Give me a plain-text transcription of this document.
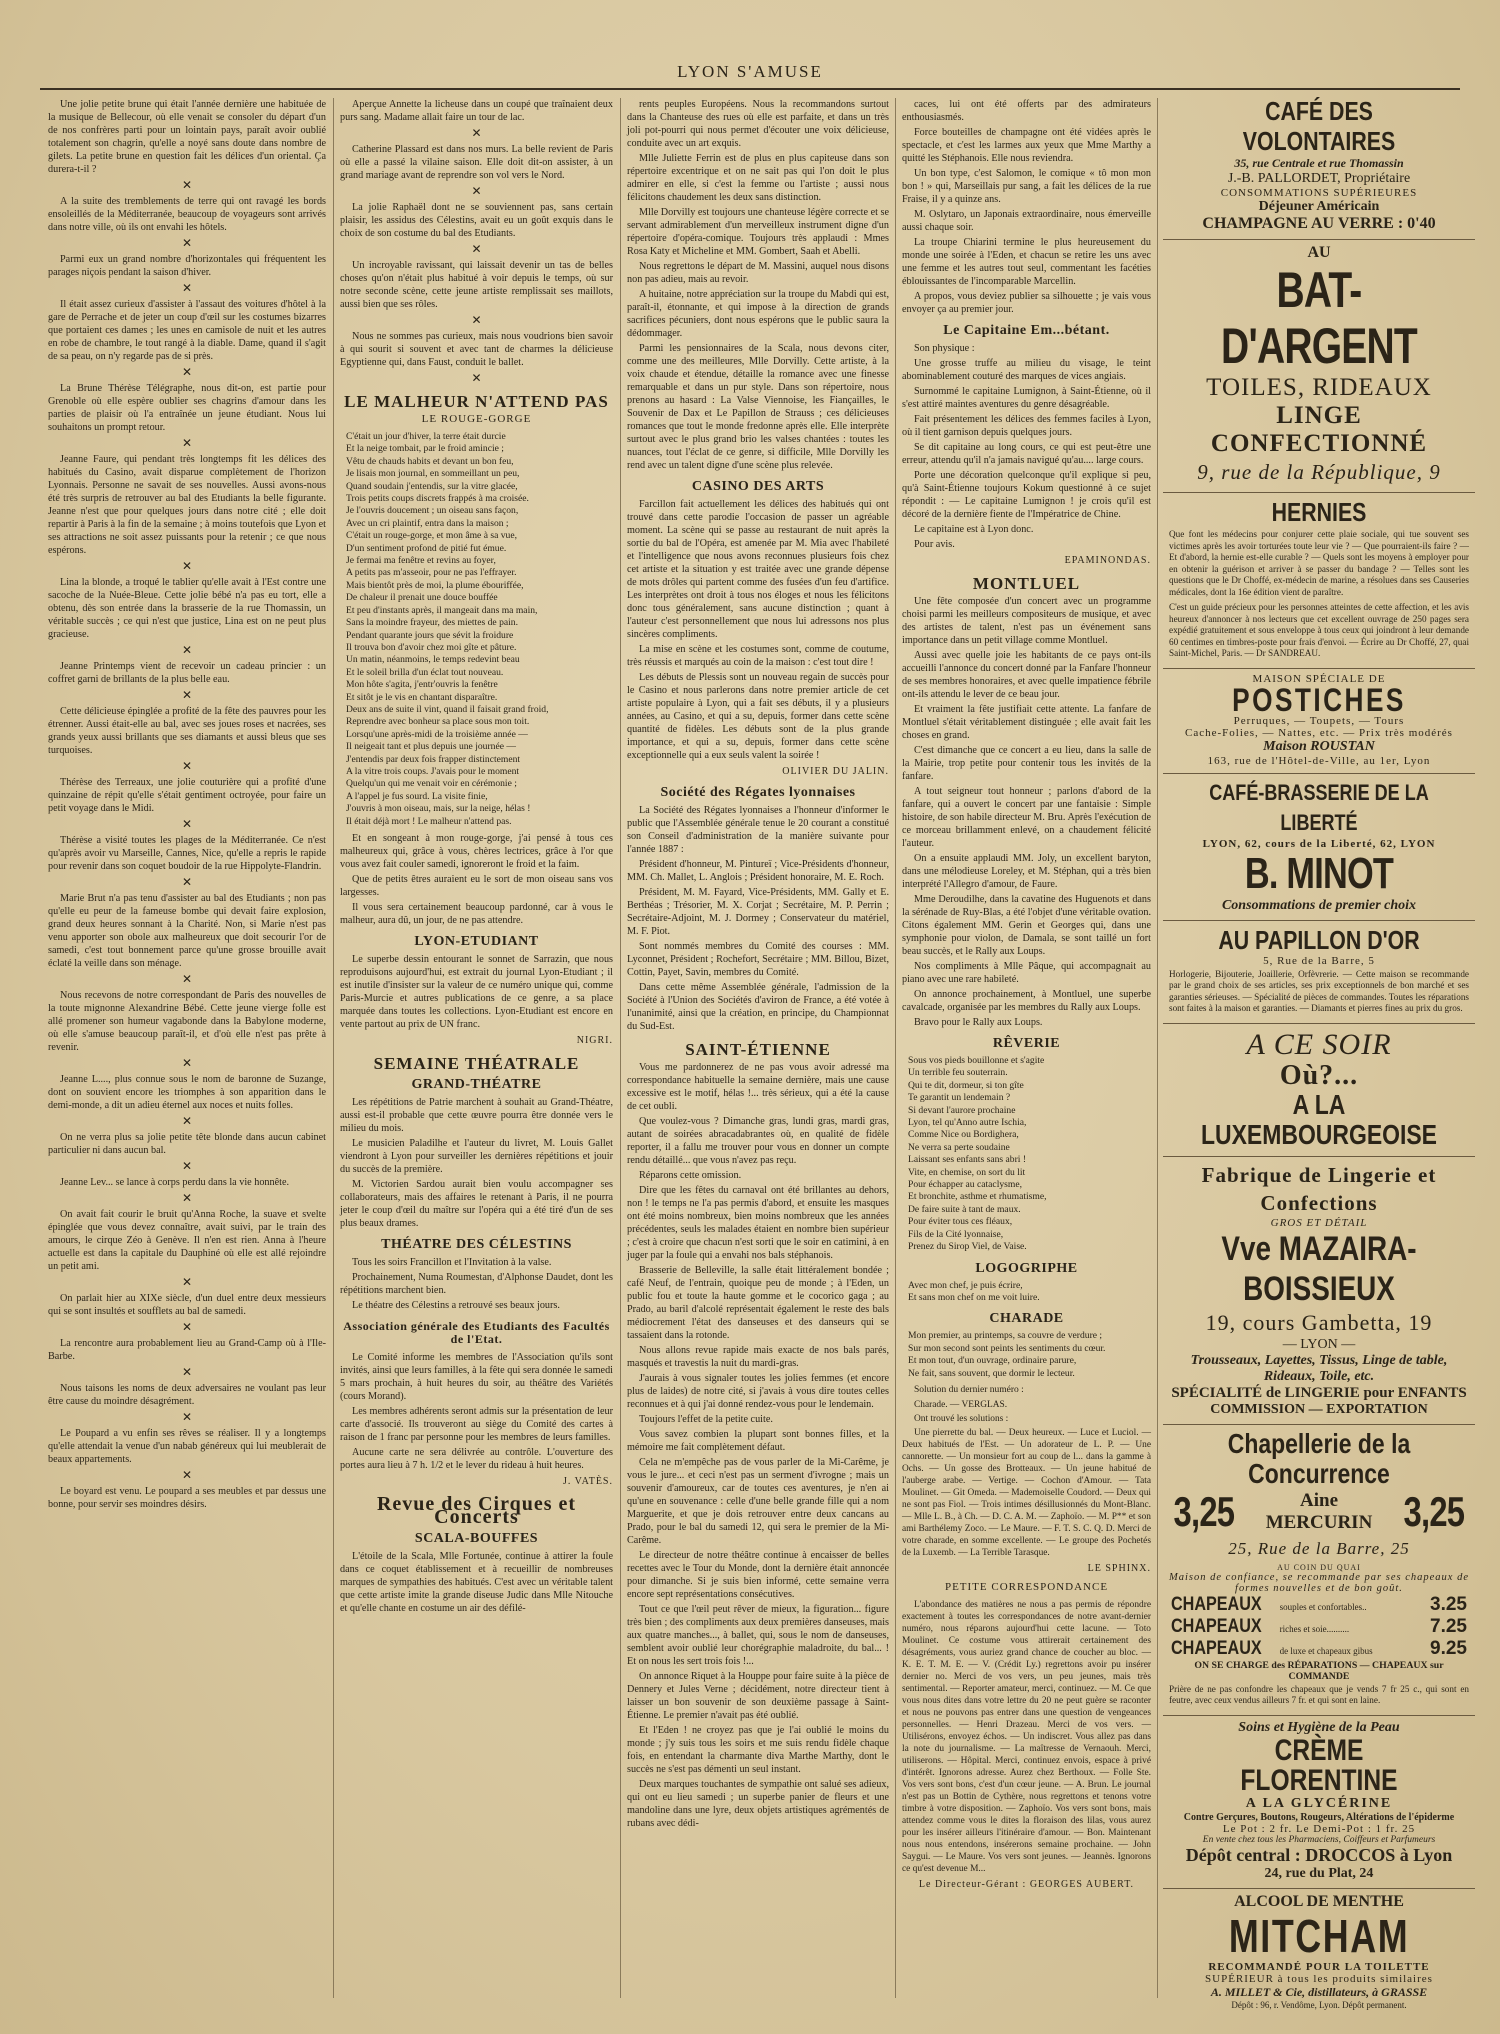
LYON S'AMUSE

Une jolie petite brune qui était l'année dernière une habituée de la musique de Bellecour, où elle venait se consoler du départ d'un de nos confrères parti pour un lointain pays, paraît avoir oublié totalement son chagrin, qu'elle a noyé sans doute dans nombre de gilets. La petite brune en question fait les délices d'un oriental. Ça durera-t-il ?

✕

A la suite des tremblements de terre qui ont ravagé les bords ensoleillés de la Méditerranée, beaucoup de voyageurs sont arrivés dans notre ville, où ils ont envahi les hôtels.

✕

Parmi eux un grand nombre d'horizontales qui fréquentent les parages niçois pendant la saison d'hiver.

✕

Il était assez curieux d'assister à l'assaut des voitures d'hôtel à la gare de Perrache et de jeter un coup d'œil sur les costumes bizarres que portaient ces dames ; les unes en camisole de nuit et les autres en robe de chambre, le tout rangé à la diable. Dame, quand il s'agit de sa peau, on n'y regarde pas de si près.

✕

La Brune Thérèse Télégraphe, nous dit-on, est partie pour Grenoble où elle espère oublier ses chagrins d'amour dans les parties de plaisir où l'a entraînée un jeune étudiant. Nous lui souhaitons un prompt retour.

✕

Jeanne Faure, qui pendant très longtemps fit les délices des habitués du Casino, avait disparue complètement de l'horizon Lyonnais. Personne ne savait de ses nouvelles. Aussi avons-nous été très surpris de retrouver au bal des Etudiants la belle figurante. Jeanne n'est que pour quelques jours dans notre cité ; elle doit repartir à Paris à la fin de la semaine ; à moins toutefois que Lyon et ses attractions ne soit assez puissants pour la retenir ; ce que nous espérons.

✕

Lina la blonde, a troqué le tablier qu'elle avait à l'Est contre une sacoche de la Nuée-Bleue. Cette jolie bébé n'a pas eu tort, elle a obtenu, dès son entrée dans la brasserie de la rue Thomassin, un véritable succès ; ce qui n'est que justice, Lina est on ne peut plus gracieuse.

✕

Jeanne Printemps vient de recevoir un cadeau princier : un coffret garni de brillants de la plus belle eau.

✕

Cette délicieuse épinglée a profité de la fête des pauvres pour les étrenner. Aussi était-elle au bal, avec ses joues roses et nacrées, ses grands yeux aussi brillants que ses diamants et aussi bleus que ses turquoises.

✕

Thérèse des Terreaux, une jolie couturière qui a profité d'une quinzaine de répit qu'elle s'était gentiment octroyée, pour faire un petit voyage dans le Midi.

✕

Thérèse a visité toutes les plages de la Méditerranée. Ce n'est qu'après avoir vu Marseille, Cannes, Nice, qu'elle a repris le rapide pour revenir dans son coquet boudoir de la rue Hippolyte-Flandrin.

✕

Marie Brut n'a pas tenu d'assister au bal des Etudiants ; non pas qu'elle eu peur de la fameuse bombe qui devait faire explosion, grand deux heures sonnant à la Charité. Non, si Marie n'est pas venu apporter son obole aux malheureux que doit secourir l'or de samedi, c'est tout bonnement parce qu'une grosse brouille avait éclaté la veille dans son ménage.

✕

Nous recevons de notre correspondant de Paris des nouvelles de la toute mignonne Alexandrine Bébé. Cette jeune vierge folle est allé promener son humeur vagabonde dans la Babylone moderne, où elle s'amuse beaucoup paraît-il, et d'où elle n'est pas prête à revenir.

✕

Jeanne L...., plus connue sous le nom de baronne de Suzange, dont on souvient encore les triomphes à son apparition dans le demi-monde, a dit un adieu éternel aux noces et nuits folles.

✕

On ne verra plus sa jolie petite tête blonde dans aucun cabinet particulier ni dans aucun bal.

✕

Jeanne Lev... se lance à corps perdu dans la vie honnête.

✕

On avait fait courir le bruit qu'Anna Roche, la suave et svelte épinglée que vous devez connaître, avait suivi, par le train des amours, le cirque Zéo à Genève. Il n'en est rien. Anna à l'heure actuelle est dans la capitale du Dauphiné où elle est allé rejoindre un petit ami.

✕

On parlait hier au XIXe siècle, d'un duel entre deux messieurs qui se sont insultés et soufflets au bal de samedi.

✕

La rencontre aura probablement lieu au Grand-Camp où à l'Ile-Barbe.

✕

Nous taisons les noms de deux adversaires ne voulant pas leur être cause du moindre désagrément.

✕

Le Poupard a vu enfin ses rêves se réaliser. Il y a longtemps qu'elle attendait la venue d'un nabab généreux qui lui meublerait de beaux appartements.

✕

Le boyard est venu. Le poupard a ses meubles et par dessus une bonne, pour servir ses moindres désirs.

Aperçue Annette la licheuse dans un coupé que traînaient deux purs sang. Madame allait faire un tour de lac.

✕

Catherine Plassard est dans nos murs. La belle revient de Paris où elle a passé la vilaine saison. Elle doit dit-on assister, à un grand mariage avant de reprendre son vol vers le Nord.

✕

La jolie Raphaël dont ne se souviennent pas, sans certain plaisir, les assidus des Célestins, avait eu un goût exquis dans le choix de son costume du bal des Etudiants.

✕

Un incroyable ravissant, qui laissait devenir un tas de belles choses qu'on n'était plus habitué à voir depuis le temps, où sur notre seconde scène, cette jeune artiste remplissait ses maillots, aussi bien que ses rôles.

✕

Nous ne sommes pas curieux, mais nous voudrions bien savoir à qui sourit si souvent et avec tant de charmes la délicieuse Egyptienne qui, dans Faust, conduit le ballet.

✕
LE MALHEUR N'ATTEND PAS
LE ROUGE-GORGE
C'était un jour d'hiver, la terre était durcie
Et la neige tombait, par le froid amincie ;
Vêtu de chauds habits et devant un bon feu,
Je lisais mon journal, en sommeillant un peu,
Quand soudain j'entendis, sur la vitre glacée,
Trois petits coups discrets frappés à ma croisée.
Je l'ouvris doucement ; un oiseau sans façon,
Avec un cri plaintif, entra dans la maison ;
C'était un rouge-gorge, et mon âme à sa vue,
D'un sentiment profond de pitié fut émue.
Je fermai ma fenêtre et revins au foyer,
A petits pas m'asseoir, pour ne pas l'effrayer.
Mais bientôt près de moi, la plume ébouriffée,
De chaleur il prenait une douce bouffée
Et peu d'instants après, il mangeait dans ma main,
Sans la moindre frayeur, des miettes de pain.
Pendant quarante jours que sévit la froidure
Il trouva bon d'avoir chez moi gîte et pâture.
Un matin, néanmoins, le temps redevint beau
Et le soleil brilla d'un éclat tout nouveau.
Mon hôte s'agita, j'entr'ouvris la fenêtre
Et sitôt je le vis en chantant disparaître.
Deux ans de suite il vint, quand il faisait grand froid,
Reprendre avec bonheur sa place sous mon toit.
Lorsqu'une après-midi de la troisième année —
Il neigeait tant et plus depuis une journée —
J'entendis par deux fois frapper distinctement
A la vitre trois coups. J'avais pour le moment
Quelqu'un qui me venait voir en cérémonie ;
A l'appel je fus sourd. La visite finie,
J'ouvris à mon oiseau, mais, sur la neige, hélas !
Il était déjà mort ! Le malheur n'attend pas.

Et en songeant à mon rouge-gorge, j'ai pensé à tous ces malheureux qui, grâce à vous, chères lectrices, grâce à l'or que vous avez fait couler samedi, ignoreront le froid et la faim.

Que de petits êtres auraient eu le sort de mon oiseau sans vos largesses.

Il vous sera certainement beaucoup pardonné, car à vous le malheur, aura dû, un jour, de ne pas attendre.

LYON-ETUDIANT

Le superbe dessin entourant le sonnet de Sarrazin, que nous reproduisons aujourd'hui, est extrait du journal Lyon-Etudiant ; il est inutile d'insister sur la valeur de ce numéro unique qui, comme Paris-Murcie et autres publications de ce genre, a sa place marquée dans toutes les collections. Lyon-Etudiant est encore en vente partout au prix de UN franc.

NIGRI.
SEMAINE THÉATRALE
GRAND-THÉATRE

Les répétitions de Patrie marchent à souhait au Grand-Théatre, aussi est-il probable que cette œuvre pourra être donnée vers le milieu du mois.

Le musicien Paladilhe et l'auteur du livret, M. Louis Gallet viendront à Lyon pour surveiller les dernières répétitions et jouir du succès de la première.

M. Victorien Sardou aurait bien voulu accompagner ses collaborateurs, mais des affaires le retenant à Paris, il ne pourra jeter le coup d'œil du maître sur l'opéra qui a été tiré d'un de ses plus beaux drames.

THÉATRE DES CÉLESTINS

Tous les soirs Francillon et l'Invitation à la valse.

Prochainement, Numa Roumestan, d'Alphonse Daudet, dont les répétitions marchent bien.

Le théatre des Célestins a retrouvé ses beaux jours.

Association générale des Etudiants des Facultés de l'Etat.

Le Comité informe les membres de l'Association qu'ils sont invités, ainsi que leurs familles, à la fête qui sera donnée le samedi 5 mars prochain, à huit heures du soir, au théâtre des Variétés (cours Morand).

Les membres adhérents seront admis sur la présentation de leur carte d'associé. Ils trouveront au siège du Comité des cartes à raison de 1 franc par personne pour les membres de leurs familles.

Aucune carte ne sera délivrée au contrôle. L'ouverture des portes aura lieu à 7 h. 1/2 et le lever du rideau à huit heures.

J. VATÈS.
Revue des Cirques et Concerts
SCALA-BOUFFES

L'étoile de la Scala, Mlle Fortunée, continue à attirer la foule dans ce coquet établissement et à recueillir de nombreuses marques de sympathies des habitués. C'est avec un véritable talent que cette artiste imite la grande diseuse Judic dans Mlle Nitouche et qu'elle chante en costume un air des défilé-

rents peuples Européens. Nous la recommandons surtout dans la Chanteuse des rues où elle est parfaite, et dans un très joli pot-pourri qui nous permet d'écouter une voix délicieuse, conduite avec un art exquis.

Mlle Juliette Ferrin est de plus en plus capiteuse dans son répertoire excentrique et on ne sait pas qui l'on doit le plus admirer en elle, si c'est la femme ou l'artiste ; aussi nous félicitons chaudement les deux sans distinction.

Mlle Dorvilly est toujours une chanteuse légère correcte et se servant admirablement d'un merveilleux instrument digne d'un répertoire d'opéra-comique. Toujours très applaudi : Mmes Rosa Katy et Micheline et MM. Gombert, Saah et Abelli.

Nous regrettons le départ de M. Massini, auquel nous disons non pas adieu, mais au revoir.

A huitaine, notre appréciation sur la troupe du Mabdi qui est, paraît-il, étonnante, et qui impose à la direction de grands sacrifices pécuniers, dont nous espérons que le public saura la dédommager.

Parmi les pensionnaires de la Scala, nous devons citer, comme une des meilleures, Mlle Dorvilly. Cette artiste, à la voix chaude et étendue, détaille la romance avec une finesse remarquable et dans un pur style. Dans son répertoire, nous prenons au hasard : La Valse Viennoise, les Fiançailles, le Souvenir de Dax et Le Papillon de Strauss ; ces délicieuses romances que tout le monde fredonne après elle. Elle interprète surtout avec le plus grand brio les valses chantées : toutes les nuances, tout l'éclat de ce genre, si difficile, Mlle Dorvilly les rend avec un talent digne d'une scène plus relevée.

CASINO DES ARTS

Farcillon fait actuellement les délices des habitués qui ont trouvé dans cette parodie l'occasion de passer un agréable moment. La scène qui se passe au restaurant de nuit après la sortie du bal de l'Opéra, est amenée par M. Mia avec l'habileté et l'intelligence que nous avons reconnues plusieurs fois chez cet artiste et la situation y est traitée avec une grande dépense de mots drôles qui partent comme des fusées d'un feu d'artifice. Les interprètes ont droit à tous nos éloges et nous les félicitons donc tous généralement, sans aucune distinction ; quant à l'auteur c'est personnellement que nous lui adressons nos plus sincères compliments.

La mise en scène et les costumes sont, comme de coutume, très réussis et marqués au coin de la maison : c'est tout dire !

Les débuts de Plessis sont un nouveau regain de succès pour le Casino et nous parlerons dans notre premier article de cet artiste populaire à Lyon, qui a fait ses débuts, il y a plusieurs années, au Casino, et qui a su, depuis, former dans cette scène quantité de fidèles. Les débuts sont de la plus grande importance, et qui a su, depuis, former dans cette scène exceptionnelle qui a eux seuls valent la soirée !

OLIVIER DU JALIN.
Société des Régates lyonnaises

La Société des Régates lyonnaises a l'honneur d'informer le public que l'Assemblée générale tenue le 20 courant a constitué son Conseil d'administration de la manière suivante pour l'année 1887 :

Président d'honneur, M. Pintureï ; Vice-Présidents d'honneur, MM. Ch. Mallet, L. Anglois ; Président honoraire, M. E. Roch.

Président, M. M. Fayard, Vice-Présidents, MM. Gally et E. Berthéas ; Trésorier, M. X. Corjat ; Secrétaire, M. P. Perrin ; Secrétaire-Adjoint, M. J. Dormey ; Conservateur du matériel, M. F. Piot.

Sont nommés membres du Comité des courses : MM. Lyconnet, Président ; Rochefort, Secrétaire ; MM. Billou, Bizet, Cottin, Payet, Savin, membres du Comité.

Dans cette même Assemblée générale, l'admission de la Société à l'Union des Sociétés d'aviron de France, a été votée à l'unanimité, ainsi que la création, en principe, du Championnat du Sud-Est.

SAINT-ÉTIENNE

Vous me pardonnerez de ne pas vous avoir adressé ma correspondance habituelle la semaine dernière, mais une cause excessive est le motif, hélas !... très sérieux, qui a été la cause de cet oubli.

Que voulez-vous ? Dimanche gras, lundi gras, mardi gras, autant de soirées abracadabrantes où, en qualité de fidèle reporter, il a fallu me trouver pour vous en donner un compte rendu détaillé... que vous n'avez pas reçu.

Réparons cette omission.

Dire que les fêtes du carnaval ont été brillantes au dehors, non ! le temps ne l'a pas permis d'abord, et ensuite les masques ont été moins nombreux, bien moins nombreux que les années précédentes, seuls les malades étaient en nombre bien supérieur ; c'est à croire que chacun n'est sorti que le soir en catimini, à en juger par la foule qui a envahi nos bals stéphanois.

Brasserie de Belleville, la salle était littéralement bondée ; café Neuf, de l'entrain, quoique peu de monde ; à l'Eden, un public fou et toute la haute gomme et le cocorico gaga ; au Prado, au baril d'alcolé représentait également le reste des bals médiocrement l'état des danseuses et des danseurs qui se tassaient dans la rotonde.

Nous allons revue rapide mais exacte de nos bals parés, masqués et travestis la nuit du mardi-gras.

J'aurais à vous signaler toutes les jolies femmes (et encore plus de laides) de notre cité, si j'avais à vous dire toutes celles reconnues et à qui j'ai donné rendez-vous pour le lendemain.

Toujours l'effet de la petite cuite.

Vous savez combien la plupart sont bonnes filles, et la mémoire me fait complètement défaut.

Cela ne m'empêche pas de vous parler de la Mi-Carême, je vous le jure... et ceci n'est pas un serment d'ivrogne ; mais un souvenir d'amoureux, car de toutes ces aventures, je n'en ai qu'une en souvenance : celle d'une belle grande fille qui a nom Marguerite, et que je dois retrouver entre deux cancans au Prado, pour le bal du samedi 12, qui sera le premier de la Mi-Carême.

Le directeur de notre théâtre continue à encaisser de belles recettes avec le Tour du Monde, dont la dernière était annoncée pour dimanche. Si je suis bien informé, cette semaine verra encore sept représentations consécutives.

Tout ce que l'œil peut rêver de mieux, la figuration... figure très bien ; des compliments aux deux premières danseuses, mais aux quatre manches..., à ballet, qui, sous le nom de danseuses, semblent avoir oublié leur chorégraphie maladroite, du bal... ! Et on nous les sert trois fois !...

On annonce Riquet à la Houppe pour faire suite à la pièce de Dennery et Jules Verne ; décidément, notre directeur tient à laisser un bon souvenir de son deuxième passage à Saint-Étienne. Le premier n'avait pas été oublié.

Et l'Eden ! ne croyez pas que je l'ai oublié le moins du monde ; j'y suis tous les soirs et me suis rendu fidèle chaque fois, en entendant la charmante diva Marthe Marthy, dont le succès ne s'est pas démenti un seul instant.

Deux marques touchantes de sympathie ont salué ses adieux, qui ont eu lieu samedi ; un superbe panier de fleurs et une mandoline dans une lyre, deux objets artistiques agrémentés de rubans avec dédi-

caces, lui ont été offerts par des admirateurs enthousiasmés.

Force bouteilles de champagne ont été vidées après le spectacle, et c'est les larmes aux yeux que Mme Marthy a quitté les Stéphanois. Elle nous reviendra.

Un bon type, c'est Salomon, le comique « tô mon mon bon ! » qui, Marseillais pur sang, a fait les délices de la rue Fraise, il y a quinze ans.

M. Oslytaro, un Japonais extraordinaire, nous émerveille aussi chaque soir.

La troupe Chiarini termine le plus heureusement du monde une soirée à l'Eden, et chacun se retire les uns avec une femme et les autres tout seul, commentant les facéties éblouissantes de l'incomparable Marcellin.

A propos, vous deviez publier sa silhouette ; je vais vous envoyer ça au premier jour.

Le Capitaine Em...bétant.

Son physique :

Une grosse truffe au milieu du visage, le teint abominablement couturé des marques de vices angiais.

Surnommé le capitaine Lumignon, à Saint-Étienne, où il s'est attiré maintes aventures du genre désagréable.

Fait présentement les délices des femmes faciles à Lyon, où il tient garnison depuis quelques jours.

Se dit capitaine au long cours, ce qui est peut-être une erreur, attendu qu'il n'a jamais navigué qu'au.... large cours.

Porte une décoration quelconque qu'il explique si peu, qu'à Saint-Étienne toujours Kokum questionné à ce sujet répondit : — Le capitaine Lumignon ! je crois qu'il est décoré de la dernière fiente de l'Impératrice de Chine.

Le capitaine est à Lyon donc.

Pour avis.

EPAMINONDAS.
MONTLUEL

Une fête composée d'un concert avec un programme choisi parmi les meilleurs compositeurs de musique, et avec des artistes de talent, n'est pas un événement sans importance dans un petit village comme Montluel.

Aussi avec quelle joie les habitants de ce pays ont-ils accueilli l'annonce du concert donné par la Fanfare l'honneur de ses membres honoraires, et avec quelle impatience fébrile ont-ils attendu le lever de ce beau jour.

Et vraiment la fête justifiait cette attente. La fanfare de Montluel s'était véritablement distinguée ; elle avait fait les choses en grand.

C'est dimanche que ce concert a eu lieu, dans la salle de la Mairie, trop petite pour contenir tous les invités de la fanfare.

A tout seigneur tout honneur ; parlons d'abord de la fanfare, qui a ouvert le concert par une fantaisie : Simple histoire, de son habile directeur M. Bru. Après l'exécution de ce morceau brillamment enlevé, on a chaudement félicité l'auteur.

On a ensuite applaudi MM. Joly, un excellent baryton, dans une mélodieuse Loreley, et M. Stéphan, qui a très bien interprété l'Allegro d'amour, de Faure.

Mme Deroudilhe, dans la cavatine des Huguenots et dans la sérénade de Ruy-Blas, a été l'objet d'une véritable ovation. Citons également MM. Gerin et Georges qui, dans une symphonie pour violon, de Damala, se sont taillé un fort beau succès, et le Rally aux Loups.

Nos compliments à Mlle Pâque, qui accompagnait au piano avec une rare habileté.

On annonce prochainement, à Montluel, une superbe cavalcade, organisée par les membres du Rally aux Loups.

Bravo pour le Rally aux Loups.

RÊVERIE
Sous vos pieds bouillonne et s'agite
Un terrible feu souterrain.
Qui te dit, dormeur, si ton gîte
Te garantit un lendemain ?
Si devant l'aurore prochaine
Lyon, tel qu'Anno autre Ischia,
Comme Nice ou Bordighera,
Ne verra sa perte soudaine
Laissant ses enfants sans abri !
Vite, en chemise, on sort du lit
Pour échapper au cataclysme,
Et bronchite, asthme et rhumatisme,
De faire suite à tant de maux.
Pour éviter tous ces fléaux,
Fils de la Cité lyonnaise,
Prenez du Sirop Viel, de Vaise.
LOGOGRIPHE
Avec mon chef, je puis écrire,
Et sans mon chef on me voit luire.
CHARADE
Mon premier, au printemps, sa couvre de verdure ;
Sur mon second sont peints les sentiments du cœur.
Et mon tout, d'un ouvrage, ordinaire parure,
Ne fait, sans souvent, que dormir le lecteur.

Solution du dernier numéro :

Charade. — VERGLAS.

Ont trouvé les solutions :

Une pierrette du bal. — Deux heureux. — Luce et Luciol. — Deux habitués de l'Est. — Un adorateur de L. P. — Une cannorette. — Un monsieur fort au coup de l... dans la gamme à Ochs. — Un gosse des Brotteaux. — Un jeune habitué de l'auberge arabe. — Vertige. — Cochon d'Amour. — Tata Moulinet. — Git Omeda. — Mademoiselle Coudord. — Deux qui ne sont pas Fiol. — Trois intimes désillusionnés du Mont-Blanc. — Mlle L. B., à Ch. — D. C. A. M. — Zaphoïo. — M. P** et son ami Barthélemy Zoco. — Le Maure. — F. T. S. C. Q. D. Merci de votre charade, en somme excellente. — Le groupe des Pochetés de la Luxemb. — La Terrible Tarasque.

LE SPHINX.
PETITE CORRESPONDANCE

L'abondance des matières ne nous a pas permis de répondre exactement à toutes les correspondances de notre avant-dernier numéro, nous réparons aujourd'hui cette lacune. — Toto Moulinet. Ce costume vous attirerait certainement des désagréments, vous auriez grand chance de coucher au bloc. — K. E. T. M. E. — V. (Crédit Ly.) regrettons avoir pu insérer dernier no. Merci de vos vers, un peu jeunes, mais très sentimental. — Reporter amateur, merci, continuez. — M. Ce que vous nous dites dans votre lettre du 20 ne peut guère se raconter et nous ne pouvons pas entrer dans une question de vengeances personnelles. — Henri Drazeau. Merci de vos vers. — Utilisérons, envoyez échos. — Un indiscret. Vous allez pas dans la note du journalisme. — La maîtresse de Vernaouh. Merci, utiliserons. — Hôpital. Merci, continuez envois, espace à privé d'intérêt. Ignorons adresse. Aurez chez Berthoux. — Folle Ste. Vos vers sont bons, c'est d'un cœur jeune. — A. Brun. Le journal n'est pas un Bottin de Cythère, nous regrettons et tenons votre timbre à votre disposition. — Zaphoïo. Vos vers sont bons, mais attendez comme vous le dites la floraison des lilas, vous aurez pour les insérer ailleurs l'itinéraire d'amour. — Bon. Maintenant nous nous entendons, insérerons semaine prochaine. — John Saygui. — Le Maure. Vos vers sont jeunes. — Jeannès. Ignorons ce qu'est devenue M...

Le Directeur-Gérant : GEORGES AUBERT.
CAFÉ DES VOLONTAIRES
35, rue Centrale et rue Thomassin
J.-B. PALLORDET, Propriétaire
CONSOMMATIONS SUPÉRIEURES
Déjeuner Américain
CHAMPAGNE AU VERRE : 0'40
AU
BAT-D'ARGENT
TOILES, RIDEAUX
LINGE CONFECTIONNÉ
9, rue de la République, 9
HERNIES
Que font les médecins pour conjurer cette plaie sociale, qui tue souvent ses victimes après les avoir torturées toute leur vie ? — Que pourraient-ils faire ? — Et d'abord, la hernie est-elle curable ? — Quels sont les moyens à employer pour en obtenir la guérison et arriver à se passer du bandage ? — Telles sont les questions que le Dr Choffé, ex-médecin de marine, a résolues dans ses Causeries médicales, dont la 16e édition vient de paraître.
C'est un guide précieux pour les personnes atteintes de cette affection, et les avis heureux d'annoncer à nos lecteurs que cet excellent ouvrage de 250 pages sera expédié gratuitement et sous enveloppe à tous ceux qui joindront à leur demande 60 centimes en timbres-poste pour frais d'envoi. — Écrire au Dr Choffé, 27, quai Saint-Michel, Paris. — Dr SANDREAU.
MAISON SPÉCIALE DE
POSTICHES
Perruques, — Toupets, — Tours
Cache-Folies, — Nattes, etc. — Prix très modérés
Maison ROUSTAN
163, rue de l'Hôtel-de-Ville, au 1er, Lyon
CAFÉ-BRASSERIE DE LA LIBERTÉ
LYON, 62, cours de la Liberté, 62, LYON
B. MINOT
Consommations de premier choix
AU PAPILLON D'OR
5, Rue de la Barre, 5
Horlogerie, Bijouterie, Joaillerie, Orfèvrerie. — Cette maison se recommande par le grand choix de ses articles, ses prix exceptionnels de bon marché et ses garanties sérieuses. — Spécialité de pièces de commandes. Toutes les réparations sont faites à la maison et garanties. — Diamants et pierres fines au prix du gros.
A CE SOIR
Où?...
A LA LUXEMBOURGEOISE
Fabrique de Lingerie et Confections
GROS ET DÉTAIL
Vve MAZAIRA-BOISSIEUX
19, cours Gambetta, 19
— LYON —
Trousseaux, Layettes, Tissus, Linge de table, Rideaux, Toile, etc.
SPÉCIALITÉ de LINGERIE pour ENFANTS
COMMISSION — EXPORTATION
Chapellerie de la Concurrence
3,25	Aine MERCURIN 3,25
25, Rue de la Barre, 25
AU COIN DU QUAI
Maison de confiance, se recommande par ses chapeaux de formes nouvelles et de bon goût.
CHAPEAUX souples et confortables..	3.25
CHAPEAUX riches et soie..........	7.25
CHAPEAUX de luxe et chapeaux gibus	9.25
ON SE CHARGE des RÉPARATIONS — CHAPEAUX sur COMMANDE
Prière de ne pas confondre les chapeaux que je vends 7 fr 25 c., qui sont en feutre, avec ceux vendus ailleurs 7 fr. et qui sont en laine.
Soins et Hygiène de la Peau
CRÈME FLORENTINE
A LA GLYCÉRINE
Contre Gerçures, Boutons, Rougeurs, Altérations de l'épiderme
Le Pot : 2 fr. Le Demi-Pot : 1 fr. 25
En vente chez tous les Pharmaciens, Coiffeurs et Parfumeurs
Dépôt central : DROCCOS à Lyon
24, rue du Plat, 24
ALCOOL DE MENTHE
MITCHAM
RECOMMANDÉ POUR LA TOILETTE
SUPÉRIEUR à tous les produits similaires
A. MILLET & Cie, distillateurs, à GRASSE
Dépôt : 96, r. Vendôme, Lyon. Dépôt permanent.
